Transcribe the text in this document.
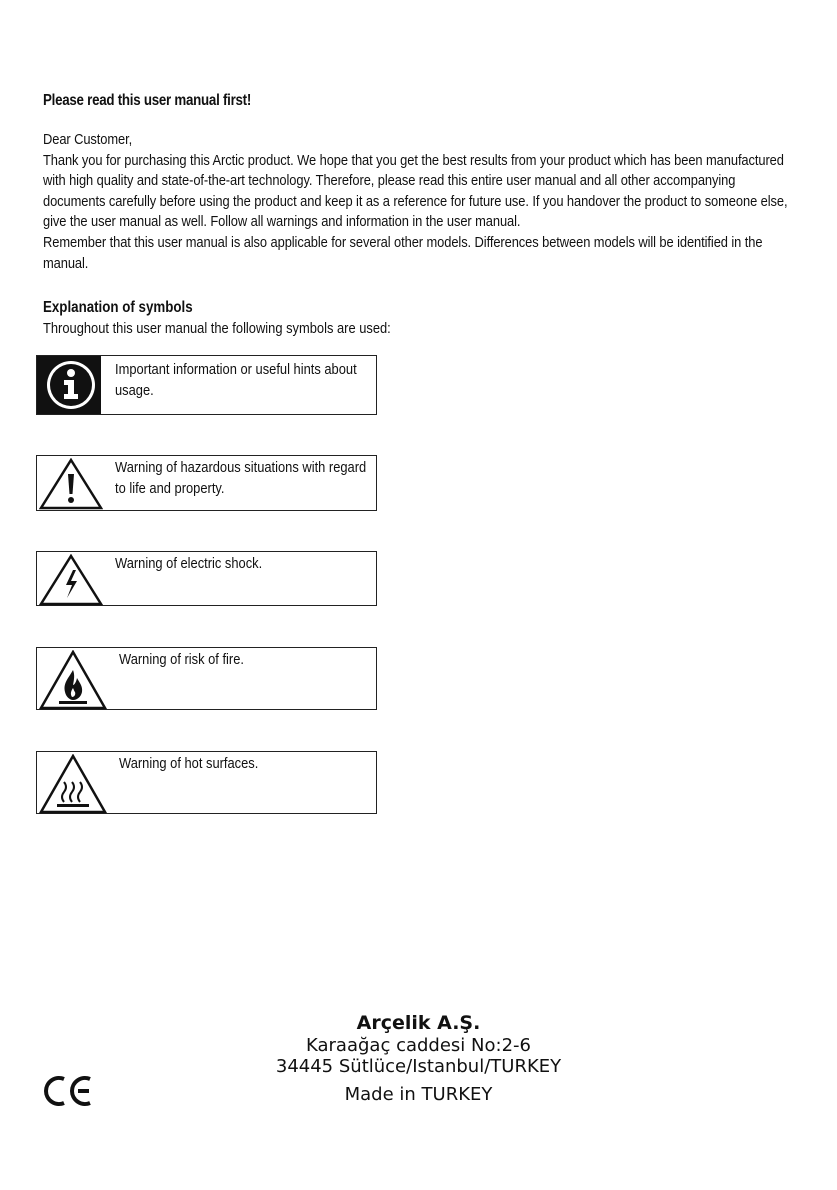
Please read this user manual first!

Dear Customer,

Thank you for purchasing this Arctic product. We hope that you get the best results from your product which has been manufactured with high quality and state-of-the-art technology. Therefore, please read this entire user manual and all other accompanying documents carefully before using the product and keep it as a reference for future use. If you handover the product to someone else, give the user manual as well. Follow all warnings and information in the user manual.

Remember that this user manual is also applicable for several other models. Differences between models will be identified in the manual.

Explanation of symbols
Throughout this user manual the following symbols are used:
Important information or useful hints about usage.
Warning of hazardous situations with regard to life and property.
Warning of electric shock.
Warning of risk of fire.
Warning of hot surfaces.
Arçelik A.Ş.
Karaağaç caddesi No:2-6
34445 Sütlüce/Istanbul/TURKEY
Made in TURKEY
